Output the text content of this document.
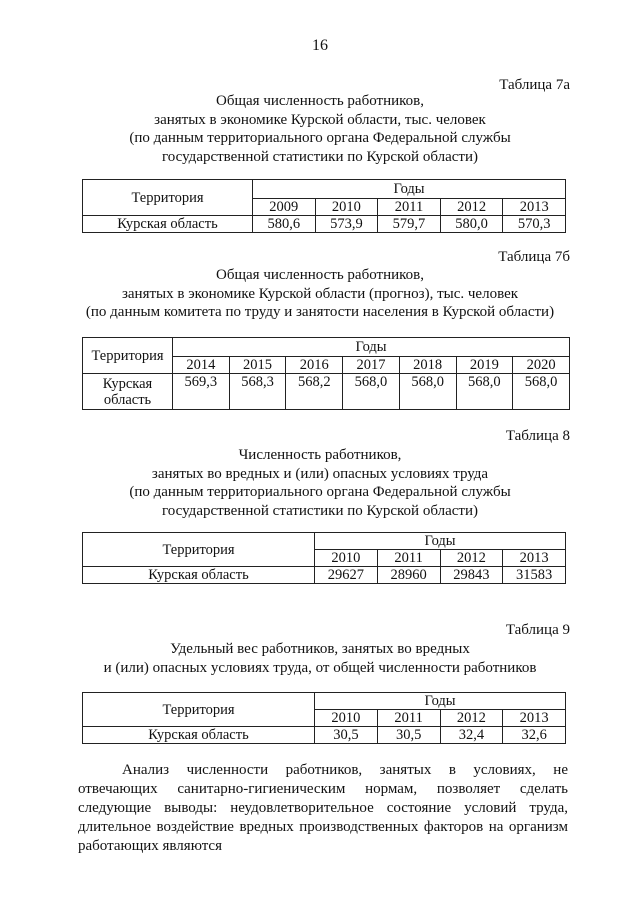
16
Таблица 7а
Общая численность работников,
занятых в экономике Курской области, тыс. человек
(по данным территориального органа Федеральной службы
государственной статистики по Курской области)
Территория	Годы				
	2009	2010	2011	2012	2013
Курская область	580,6	573,9	579,7	580,0	570,3
Таблица 7б
Общая численность работников,
занятых в экономике Курской области (прогноз), тыс. человек
(по данным комитета по труду и занятости населения в Курской области)
Территория	Годы						
	2014	2015	2016	2017	2018	2019	2020

Курская
область	569,3	568,3	568,2	568,0	568,0	568,0	568,0
Таблица 8
Численность работников,
занятых во вредных и (или) опасных условиях труда
(по данным территориального органа Федеральной службы
государственной статистики по Курской области)
Территория	Годы			
	2010	2011	2012	2013
Курская область	29627	28960	29843	31583
Таблица 9
Удельный вес работников, занятых во вредных
и (или) опасных условиях труда, от общей численности работников
Территория	Годы			
	2010	2011	2012	2013
Курская область	30,5	30,5	32,4	32,6

Анализ численности работников, занятых в условиях, не отвечающих санитарно-гигиеническим нормам, позволяет сделать следующие выводы: неудовлетворительное состояние условий труда, длительное воздействие вредных производственных факторов на организм работающих являются
